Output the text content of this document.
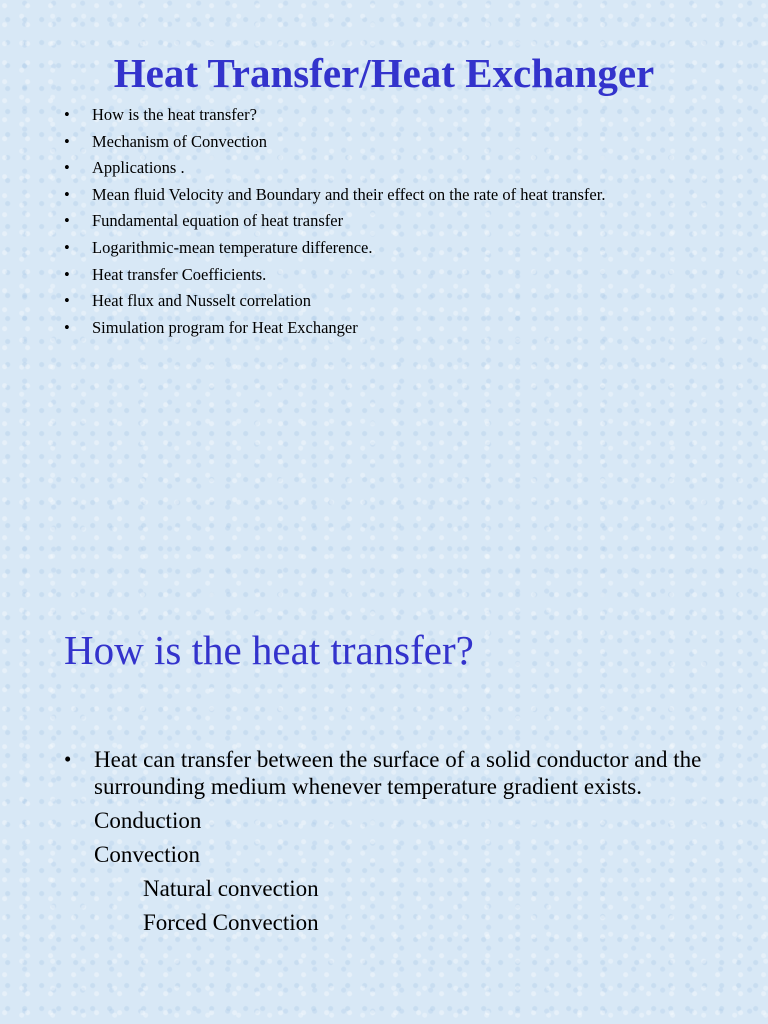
Heat Transfer/Heat Exchanger
• How is the heat transfer?
• Mechanism of Convection
• Applications .
• Mean fluid Velocity and Boundary and their effect on the rate of heat transfer.
• Fundamental equation of heat transfer
• Logarithmic-mean temperature difference.
• Heat transfer Coefficients.
• Heat flux and Nusselt correlation
• Simulation program for Heat Exchanger
How is the heat transfer?
• Heat can transfer between the surface of a solid conductor and the surrounding medium whenever temperature gradient exists.
Conduction
Convection
Natural convection
Forced Convection
